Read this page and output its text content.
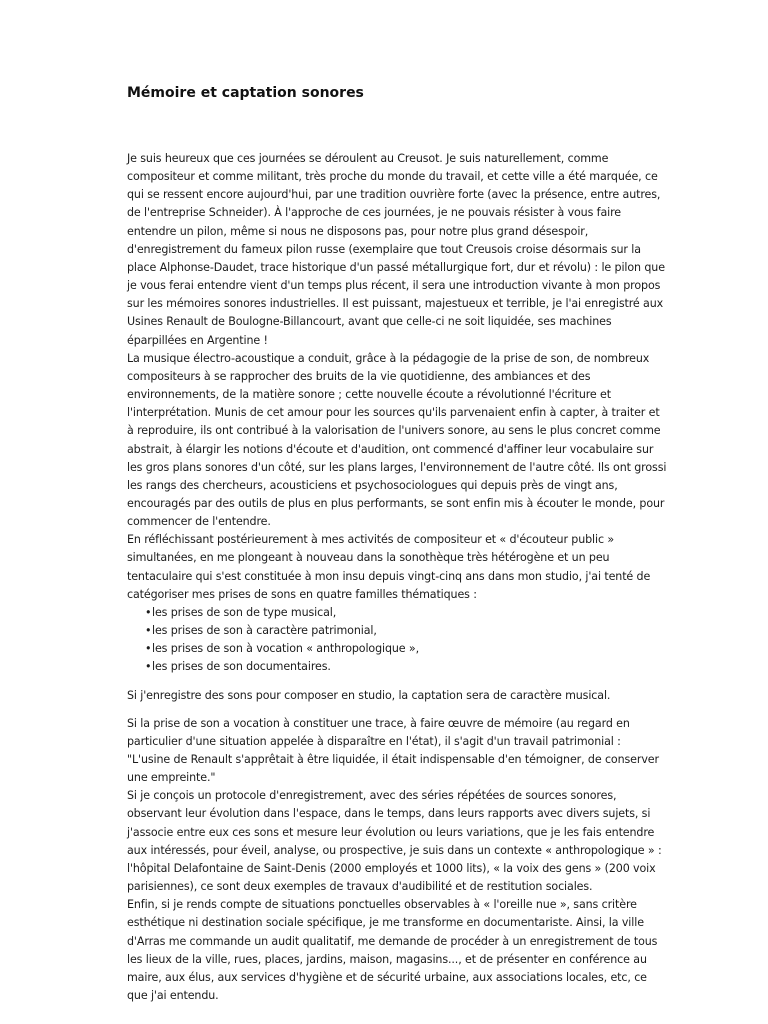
Mémoire et captation sonores

Je suis heureux que ces journées se déroulent au Creusot. Je suis naturellement, comme compositeur et comme militant, très proche du monde du travail, et cette ville a été marquée, ce qui se ressent encore aujourd'hui, par une tradition ouvrière forte (avec la présence, entre autres, de l'entreprise Schneider). À l'approche de ces journées, je ne pouvais résister à vous faire entendre un pilon, même si nous ne disposons pas, pour notre plus grand désespoir, d'enregistrement du fameux pilon russe (exemplaire que tout Creusois croise désormais sur la place Alphonse-Daudet, trace historique d'un passé métallurgique fort, dur et révolu) : le pilon que je vous ferai entendre vient d'un temps plus récent, il sera une introduction vivante à mon propos sur les mémoires sonores industrielles. Il est puissant, majestueux et terrible, je l'ai enregistré aux Usines Renault de Boulogne-Billancourt, avant que celle-ci ne soit liquidée, ses machines éparpillées en Argentine !

La musique électro-acoustique a conduit, grâce à la pédagogie de la prise de son, de nombreux compositeurs à se rapprocher des bruits de la vie quotidienne, des ambiances et des environnements, de la matière sonore ; cette nouvelle écoute a révolutionné l'écriture et l'interprétation. Munis de cet amour pour les sources qu'ils parvenaient enfin à capter, à traiter et à reproduire, ils ont contribué à la valorisation de l'univers sonore, au sens le plus concret comme abstrait, à élargir les notions d'écoute et d'audition, ont commencé d'affiner leur vocabulaire sur les gros plans sonores d'un côté, sur les plans larges, l'environnement de l'autre côté. Ils ont grossi les rangs des chercheurs, acousticiens et psychosociologues qui depuis près de vingt ans, encouragés par des outils de plus en plus performants, se sont enfin mis à écouter le monde, pour commencer de l'entendre.

En réfléchissant postérieurement à mes activités de compositeur et « d'écouteur public » simultanées, en me plongeant à nouveau dans la sonothèque très hétérogène et un peu tentaculaire qui s'est constituée à mon insu depuis vingt-cinq ans dans mon studio, j'ai tenté de catégoriser mes prises de sons en quatre familles thématiques :

•les prises de son de type musical,
•les prises de son à caractère patrimonial,
•les prises de son à vocation « anthropologique »,
•les prises de son documentaires.

Si j'enregistre des sons pour composer en studio, la captation sera de caractère musical.

Si la prise de son a vocation à constituer une trace, à faire œuvre de mémoire (au regard en particulier d'une situation appelée à disparaître en l'état), il s'agit d'un travail patrimonial : "L'usine de Renault s'apprêtait à être liquidée, il était indispensable d'en témoigner, de conserver une empreinte."

Si je conçois un protocole d'enregistrement, avec des séries répétées de sources sonores, observant leur évolution dans l'espace, dans le temps, dans leurs rapports avec divers sujets, si j'associe entre eux ces sons et mesure leur évolution ou leurs variations, que je les fais entendre aux intéressés, pour éveil, analyse, ou prospective, je suis dans un contexte « anthropologique » : l'hôpital Delafontaine de Saint-Denis (2000 employés et 1000 lits), « la voix des gens » (200 voix parisiennes), ce sont deux exemples de travaux d'audibilité et de restitution sociales.

Enfin, si je rends compte de situations ponctuelles observables à « l'oreille nue », sans critère esthétique ni destination sociale spécifique, je me transforme en documentariste. Ainsi, la ville d'Arras me commande un audit qualitatif, me demande de procéder à un enregistrement de tous les lieux de la ville, rues, places, jardins, maison, magasins..., et de présenter en conférence au maire, aux élus, aux services d'hygiène et de sécurité urbaine, aux associations locales, etc, ce que j'ai entendu.
